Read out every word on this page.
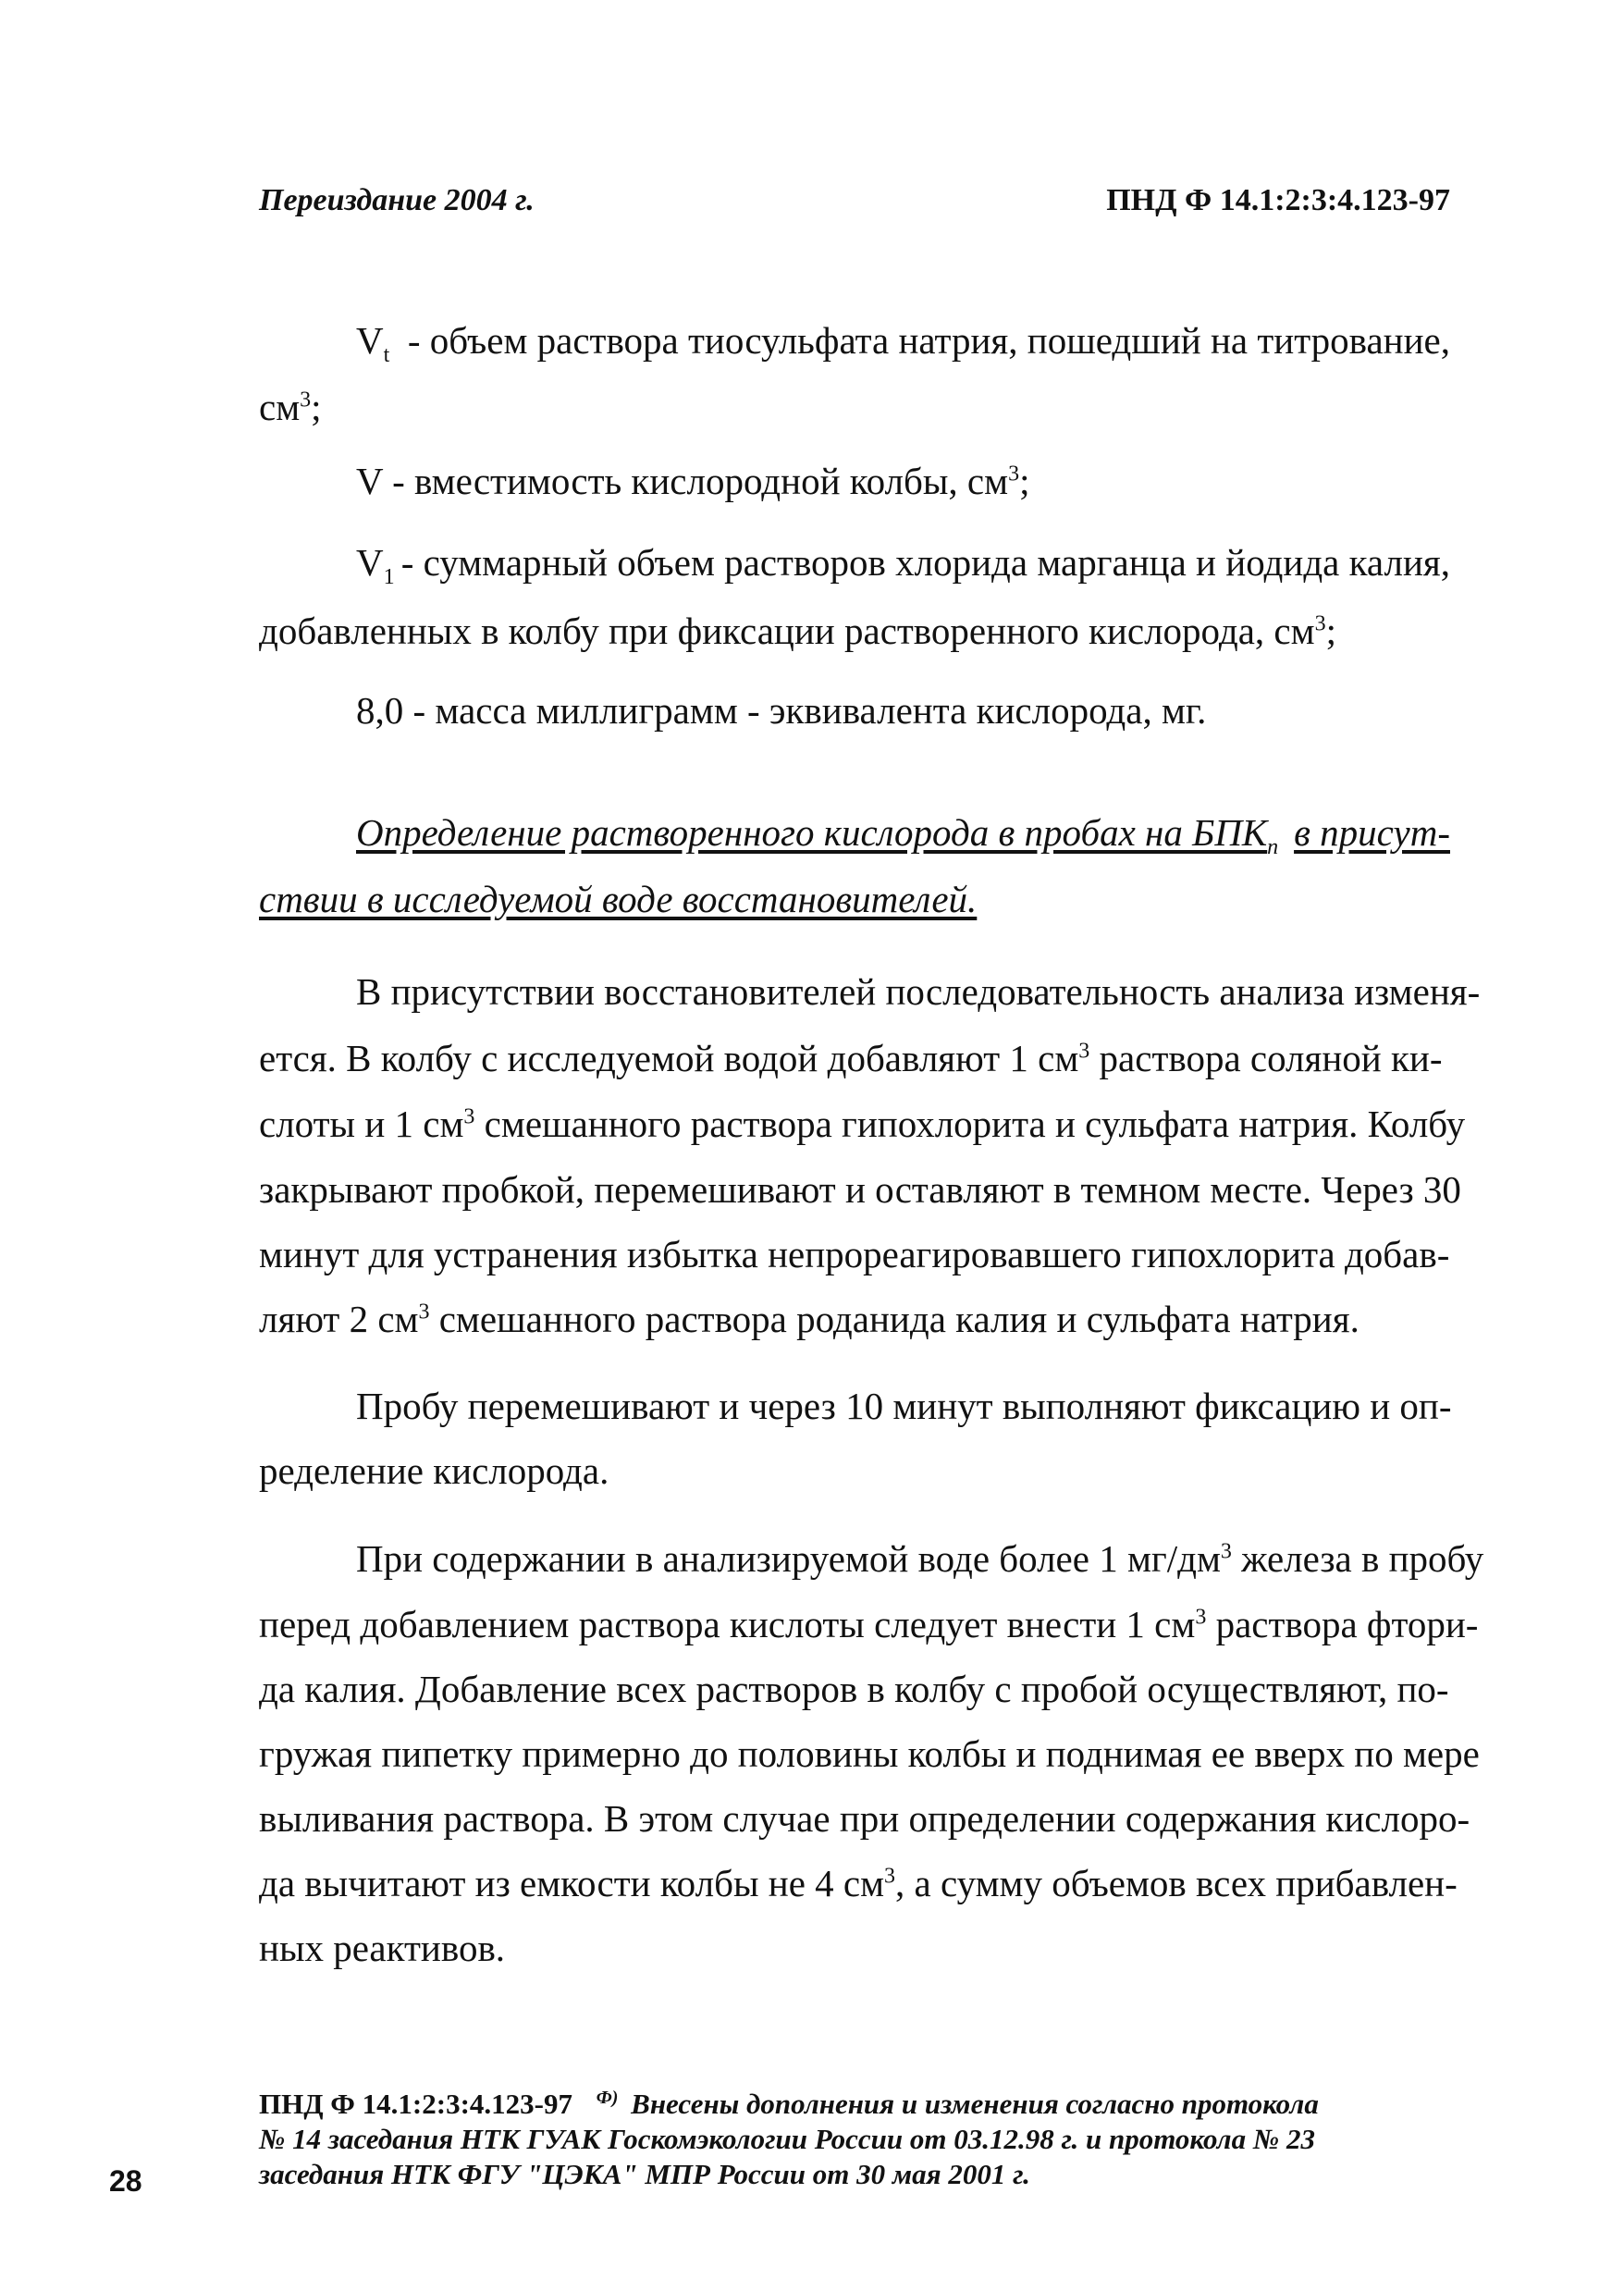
Переиздание 2004 г.	ПНД Ф 14.1:2:3:4.123-97
$V_t$ - объем раствора тиосульфата натрия, пошедший на титрование,
$см^3$;
V - вместимость кислородной колбы, $см^3$;
$V_1$ - суммарный объем растворов хлорида марганца и йодида калия,
добавленных в колбу при фиксации растворенного кислорода, $см^3$;
8,0 - масса миллиграмм - эквивалента кислорода, мг.
Определение растворенного кислорода в пробах на $БПК_п$ в присут-
ствии в исследуемой воде восстановителей.
В присутствии восстановителей последовательность анализа изменя-
ется. В колбу с исследуемой водой добавляют 1 $см^3$ раствора соляной ки-
слоты и 1 $см^3$ смешанного раствора гипохлорита и сульфата натрия. Колбу
закрывают пробкой, перемешивают и оставляют в темном месте. Через 30
минут для устранения избытка непрореагировавшего гипохлорита добав-
ляют 2 $см^3$ смешанного раствора роданида калия и сульфата натрия.
Пробу перемешивают и через 10 минут выполняют фиксацию и оп-
ределение кислорода.
При содержании в анализируемой воде более 1 $мг/дм^3$ железа в пробу
перед добавлением раствора кислоты следует внести 1 $см^3$ раствора фтори-
да калия. Добавление всех растворов в колбу с пробой осуществляют, по-
гружая пипетку примерно до половины колбы и поднимая ее вверх по мере
выливания раствора. В этом случае при определении содержания кислоро-
да вычитают из емкости колбы не 4 $см^3$, а сумму объемов всех прибавлен-
ных реактивов.
ПНД Ф 14.1:2:3:4.123-97 $^{Ф)}$ Внесены дополнения и изменения согласно протокола
№ 14 заседания НТК ГУАК Госкомэкологии России от 03.12.98 г. и протокола № 23
заседания НТК ФГУ "ЦЭКА" МПР России от 30 мая 2001 г.
28
